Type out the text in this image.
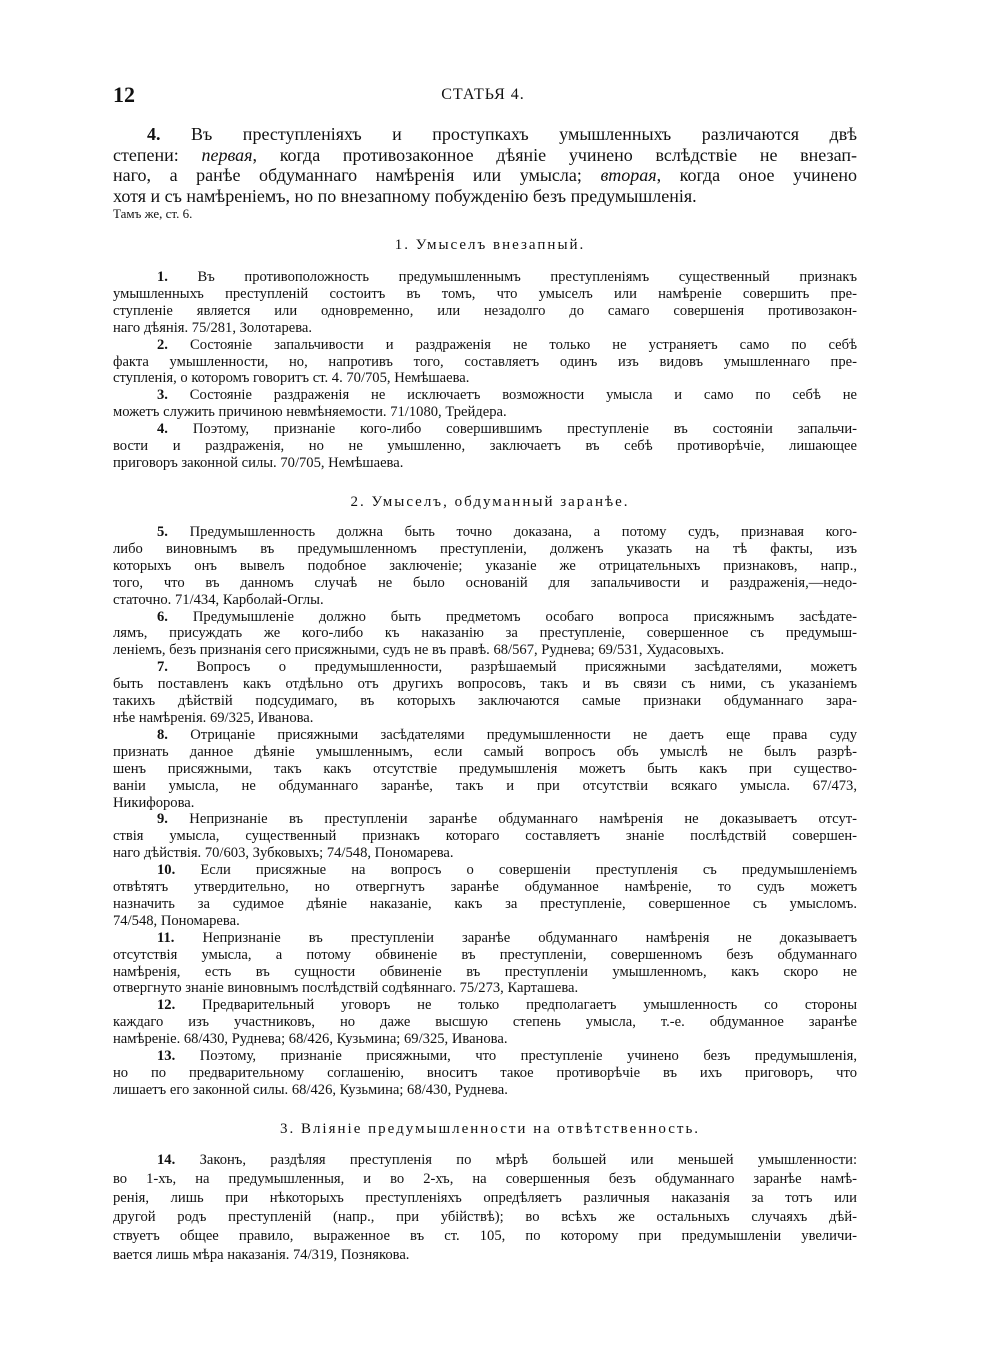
12	СТАТЬЯ 4.
4. Въ преступленіяхъ и проступкахъ умышленныхъ различаются двѣ
степени: первая, когда противозаконное дѣяніе учинено вслѣдствіе не внезап-
наго, а ранѣе обдуманнаго намѣренія или умысла; вторая, когда оное учинено
хотя и съ намѣреніемъ, но по внезапному побужденію безъ предумышленія.
Тамъ же, ст. 6.
1. Умыселъ внезапный.
1. Въ противоположность предумышленнымъ преступленіямъ существенный признакъ
умышленныхъ преступленій состоитъ въ томъ, что умыселъ или намѣреніе совершить пре-
ступленіе является или одновременно, или незадолго до самаго совершенія противозакон-
наго дѣянія. 75/281, Золотарева.
2. Состояніе запальчивости и раздраженія не только не устраняетъ само по себѣ
факта умышленности, но, напротивъ того, составляетъ одинъ изъ видовъ умышленнаго пре-
ступленія, о которомъ говоритъ ст. 4. 70/705, Немѣшаева.
3. Состояніе раздраженія не исключаетъ возможности умысла и само по себѣ не
можетъ служить причиною невмѣняемости. 71/1080, Трейдера.
4. Поэтому, признаніе кого-либо совершившимъ преступленіе въ состояніи запальчи-
вости и раздраженія, но не умышленно, заключаетъ въ себѣ противорѣчіе, лишающее
приговоръ законной силы. 70/705, Немѣшаева.
2. Умыселъ, обдуманный заранѣе.
5. Предумышленность должна быть точно доказана, а потому судъ, признавая кого-
либо виновнымъ въ предумышленномъ преступленіи, долженъ указать на тѣ факты, изъ
которыхъ онъ вывелъ подобное заключеніе; указаніе же отрицательныхъ признаковъ, напр.,
того, что въ данномъ случаѣ не было основаній для запальчивости и раздраженія,—недо-
статочно. 71/434, Карболай-Оглы.
6. Предумышленіе должно быть предметомъ особаго вопроса присяжнымъ засѣдате-
лямъ, присуждать же кого-либо къ наказанію за преступленіе, совершенное съ предумыш-
леніемъ, безъ признанія сего присяжными, судъ не въ правѣ. 68/567, Руднева; 69/531, Худасовыхъ.
7. Вопросъ о предумышленности, разрѣшаемый присяжными засѣдателями, можетъ
быть поставленъ какъ отдѣльно отъ другихъ вопросовъ, такъ и въ связи съ ними, съ указаніемъ
такихъ дѣйствій подсудимаго, въ которыхъ заключаются самые признаки обдуманнаго зара-
нѣе намѣренія. 69/325, Иванова.
8. Отрицаніе присяжными засѣдателями предумышленности не даетъ еще права суду
признать данное дѣяніе умышленнымъ, если самый вопросъ объ умыслѣ не былъ разрѣ-
шенъ присяжными, такъ какъ отсутствіе предумышленія можетъ быть какъ при существо-
ваніи умысла, не обдуманнаго заранѣе, такъ и при отсутствіи всякаго умысла. 67/473,
Никифорова.
9. Непризнаніе въ преступленіи заранѣе обдуманнаго намѣренія не доказываетъ отсут-
ствія умысла, существенный признакъ котораго составляетъ знаніе послѣдствій совершен-
наго дѣйствія. 70/603, Зубковыхъ; 74/548, Пономарева.
10. Если присяжные на вопросъ о совершеніи преступленія съ предумышленіемъ
отвѣтятъ утвердительно, но отвергнутъ заранѣе обдуманное намѣреніе, то судъ можетъ
назначить за судимое дѣяніе наказаніе, какъ за преступленіе, совершенное съ умысломъ.
74/548, Пономарева.
11. Непризнаніе въ преступленіи заранѣе обдуманнаго намѣренія не доказываетъ
отсутствія умысла, а потому обвиненіе въ преступленіи, совершенномъ безъ обдуманнаго
намѣренія, есть въ сущности обвиненіе въ преступленіи умышленномъ, какъ скоро не
отвергнуто знаніе виновнымъ послѣдствій содѣяннаго. 75/273, Карташева.
12. Предварительный уговоръ не только предполагаетъ умышленность со стороны
каждаго изъ участниковъ, но даже высшую степень умысла, т.-е. обдуманное заранѣе
намѣреніе. 68/430, Руднева; 68/426, Кузьмина; 69/325, Иванова.
13. Поэтому, признаніе присяжными, что преступленіе учинено безъ предумышленія,
но по предварительному соглашенію, вноситъ такое противорѣчіе въ ихъ приговоръ, что
лишаетъ его законной силы. 68/426, Кузьмина; 68/430, Руднева.
3. Вліяніе предумышленности на отвѣтственность.
14. Законъ, раздѣляя преступленія по мѣрѣ большей или меньшей умышленности:
во 1-хъ, на предумышленныя, и во 2-хъ, на совершенныя безъ обдуманнаго заранѣе намѣ-
ренія, лишь при нѣкоторыхъ преступленіяхъ опредѣляетъ различныя наказанія за тотъ или
другой родъ преступленій (напр., при убійствѣ); во всѣхъ же остальныхъ случаяхъ дѣй-
ствуетъ общее правило, выраженное въ ст. 105, по которому при предумышленіи увеличи-
вается лишь мѣра наказанія. 74/319, Познякова.
